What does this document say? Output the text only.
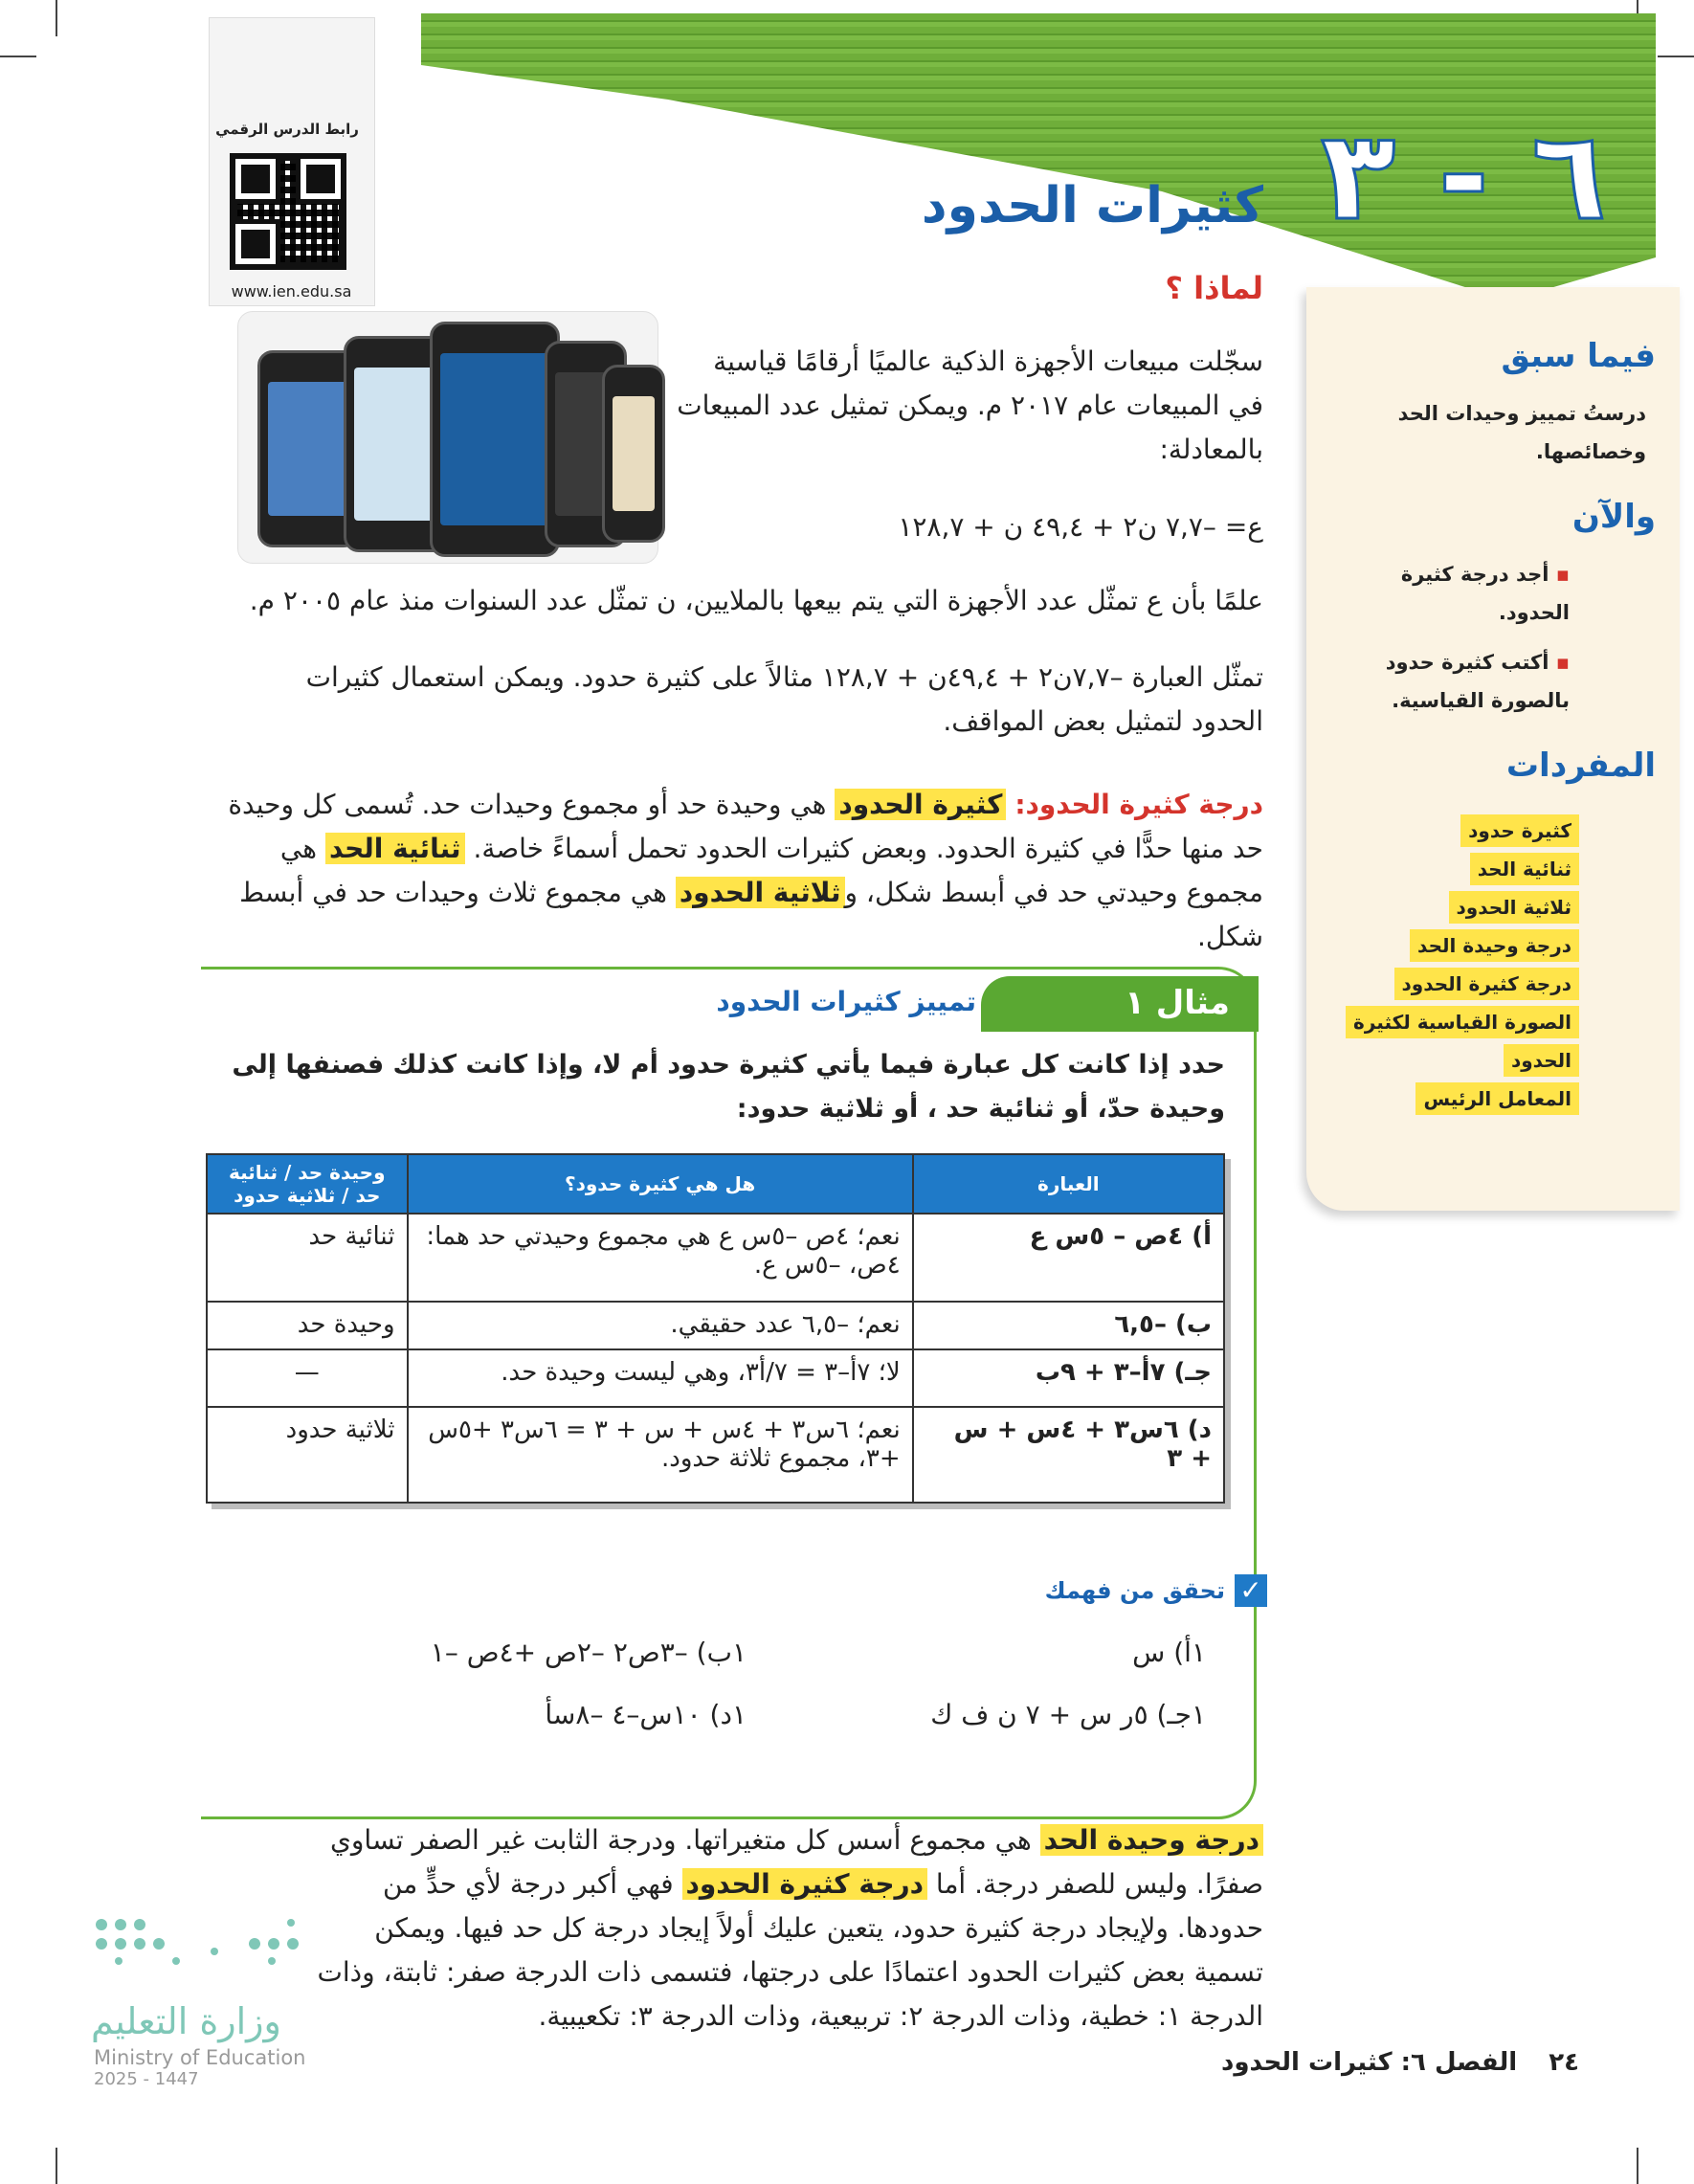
٦ - ٣
كثيرات الحدود
رابط الدرس الرقمي
www.ien.edu.sa
فيما سبق
درستُ تمييز وحيدات الحد وخصائصها.
والآن
▪ أجد درجة كثيرة الحدود.
▪ أكتب كثيرة حدود بالصورة القياسية.
المفردات
كثيرة حدود
ثنائية الحد
ثلاثية الحدود
درجة وحيدة الحد
درجة كثيرة الحدود
الصورة القياسية لكثيرة
الحدود
المعامل الرئيس
لماذا ؟
سجّلت مبيعات الأجهزة الذكية عالميًا أرقامًا قياسية في المبيعات عام ٢٠١٧ م. ويمكن تمثيل عدد المبيعات بالمعادلة:
ع= –٧,٧ ن٢ + ٤٩,٤ ن + ١٢٨,٧
علمًا بأن ع تمثّل عدد الأجهزة التي يتم بيعها بالملايين، ن تمثّل عدد السنوات منذ عام ٢٠٠٥ م.
تمثّل العبارة –٧,٧ن٢ + ٤٩,٤ن + ١٢٨,٧ مثالاً على كثيرة حدود. ويمكن استعمال كثيرات الحدود لتمثيل بعض المواقف.
درجة كثيرة الحدود: كثيرة الحدود هي وحيدة حد أو مجموع وحيدات حد. تُسمى كل وحيدة حد منها حدًّا في كثيرة الحدود. وبعض كثيرات الحدود تحمل أسماءً خاصة. ثنائية الحد هي مجموع وحيدتي حد في أبسط شكل، وثلاثية الحدود هي مجموع ثلاث وحيدات حد في أبسط شكل.
مثال ١
تمييز كثيرات الحدود
حدد إذا كانت كل عبارة فيما يأتي كثيرة حدود أم لا، وإذا كانت كذلك فصنفها إلى وحيدة حدّ، أو ثنائية حد ، أو ثلاثية حدود:
العبارة	هل هي كثيرة حدود؟	وحيدة حد / ثنائية حد / ثلاثية حدود
أ) ٤ص – ٥س ع	نعم؛ ٤ص –٥س ع هي مجموع وحيدتي حد هما: ٤ص، –٥س ع.	ثنائية حد
ب) –٦,٥	نعم؛ –٦,٥ عدد حقيقي.	وحيدة حد
جـ) ٧أ–٣ + ٩ب	لا؛ ٧أ–٣ = ٧/أ٣، وهي ليست وحيدة حد.	—
د) ٦س٣ + ٤س + س + ٣	نعم؛ ٦س٣ + ٤س + س + ٣ = ٦س٣ +٥س +٣، مجموع ثلاثة حدود.	ثلاثية حدود
✓
تحقق من فهمك
١أ) س
١ب) –٣ص٢ –٢ص +٤ص –١
١جـ) ٥ر س + ٧ ن ف ك
١د) ١٠س–٤ –٨سأ
درجة وحيدة الحد هي مجموع أسس كل متغيراتها. ودرجة الثابت غير الصفر تساوي صفرًا. وليس للصفر درجة. أما درجة كثيرة الحدود فهي أكبر درجة لأي حدٍّ من حدودها. ولإيجاد درجة كثيرة حدود، يتعين عليك أولاً إيجاد درجة كل حد فيها. ويمكن تسمية بعض كثيرات الحدود اعتمادًا على درجتها، فتسمى ذات الدرجة صفر: ثابتة، وذات الدرجة ١: خطية، وذات الدرجة ٢: تربيعية، وذات الدرجة ٣: تكعيبية.
وزارة التعليم
Ministry of Education
2025 - 1447
٢٤ الفصل ٦: كثيرات الحدود
